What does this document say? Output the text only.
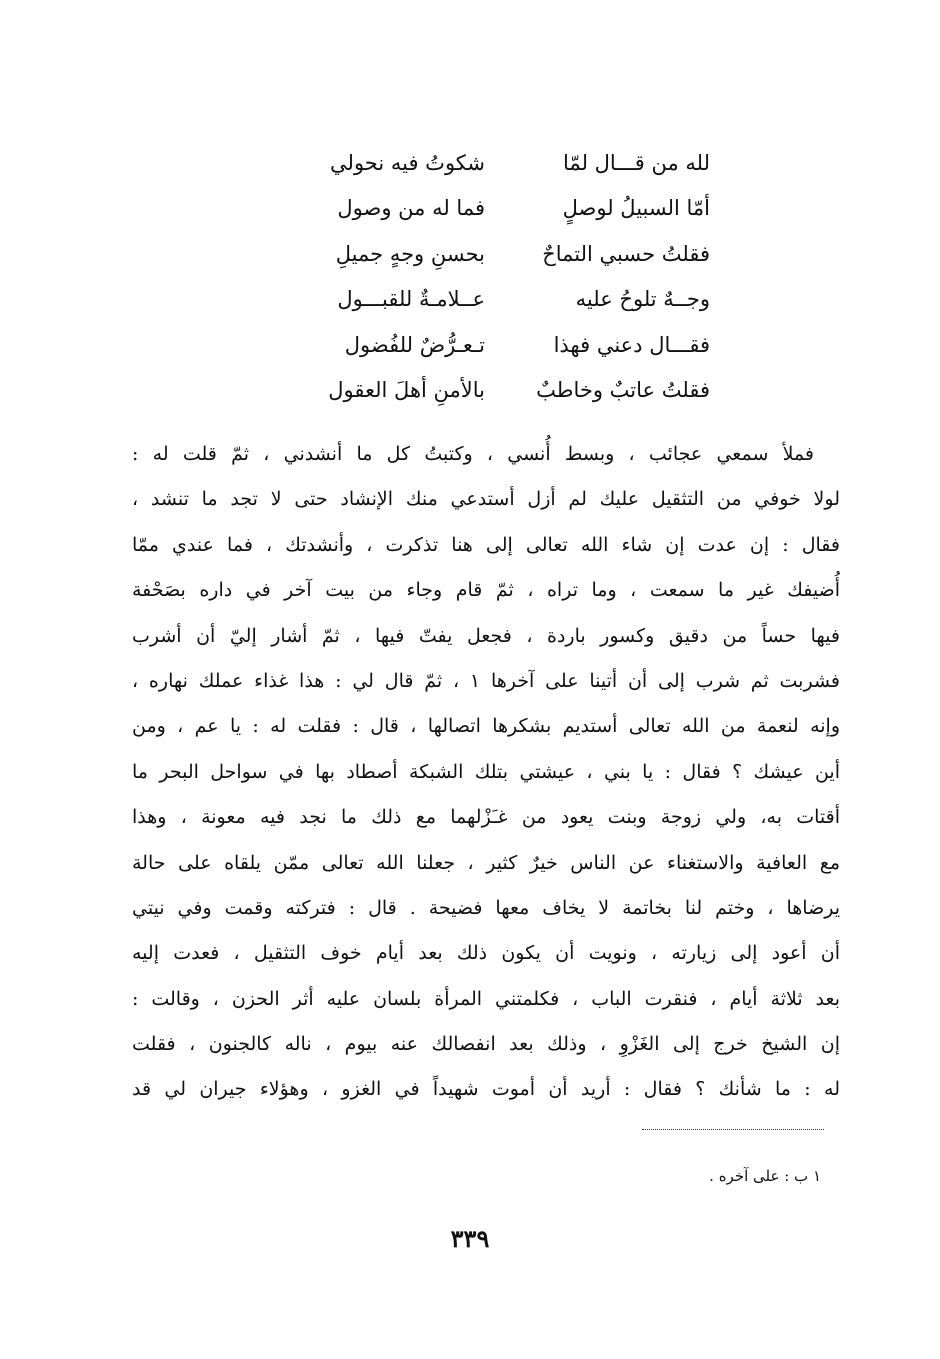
لله من قـــال لمّا
شكوتُ فيه نحولي
أمّا السبيلُ لوصلٍ
فما له من وصول
فقلتُ حسبي التماحٌ
بحسنِ وجهٍ جميلِ
وجــهٌ تلوحُ عليه
عــلامـةٌ للقبـــول
فقـــال دعني فهذا
تـعـرُّضٌ للفُضول
فقلتُ عاتبٌ وخاطبٌ
بالأمنِ أهلَ العقول
فملأ سمعي عجائب ، وبسط أُنسي ، وكتبتُ كل ما أنشدني ، ثمّ قلت له :
لولا خوفي من التثقيل عليك لم أزل أستدعي منك الإنشاد حتى لا تجد ما تنشد ،
فقال : إن عدت إن شاء الله تعالى إلى هنا تذكرت ، وأنشدتك ، فما عندي ممّا
أُضيفك غير ما سمعت ، وما تراه ، ثمّ قام وجاء من بيت آخر في داره بصَحْفة
فيها حساً من دقيق وكسور باردة ، فجعل يفتّ فيها ، ثمّ أشار إليّ أن أشرب
فشربت ثم شرب إلى أن أتينا على آخرها ١ ، ثمّ قال لي : هذا غذاء عملك نهاره ،
وإنه لنعمة من الله تعالى أستديم بشكرها اتصالها ، قال : فقلت له : يا عم ، ومن
أين عيشك ؟ فقال : يا بني ، عيشتي بتلك الشبكة أصطاد بها في سواحل البحر ما
أقتات به، ولي زوجة وبنت يعود من غـَزْلهما مع ذلك ما نجد فيه معونة ، وهذا
مع العافية والاستغناء عن الناس خيرٌ كثير ، جعلنا الله تعالى ممّن يلقاه على حالة
يرضاها ، وختم لنا بخاتمة لا يخاف معها فضيحة . قال : فتركته وقمت وفي نيتي
أن أعود إلى زيارته ، ونويت أن يكون ذلك بعد أيام خوف التثقيل ، فعدت إليه
بعد ثلاثة أيام ، فنقرت الباب ، فكلمتني المرأة بلسان عليه أثر الحزن ، وقالت :
إن الشيخ خرج إلى الغَزْوِ ، وذلك بعد انفصالك عنه بيوم ، ناله كالجنون ، فقلت
له : ما شأنك ؟ فقال : أريد أن أموت شهيداً في الغزو ، وهؤلاء جيران لي قد
١ ب : على آخره .
٣٣٩
